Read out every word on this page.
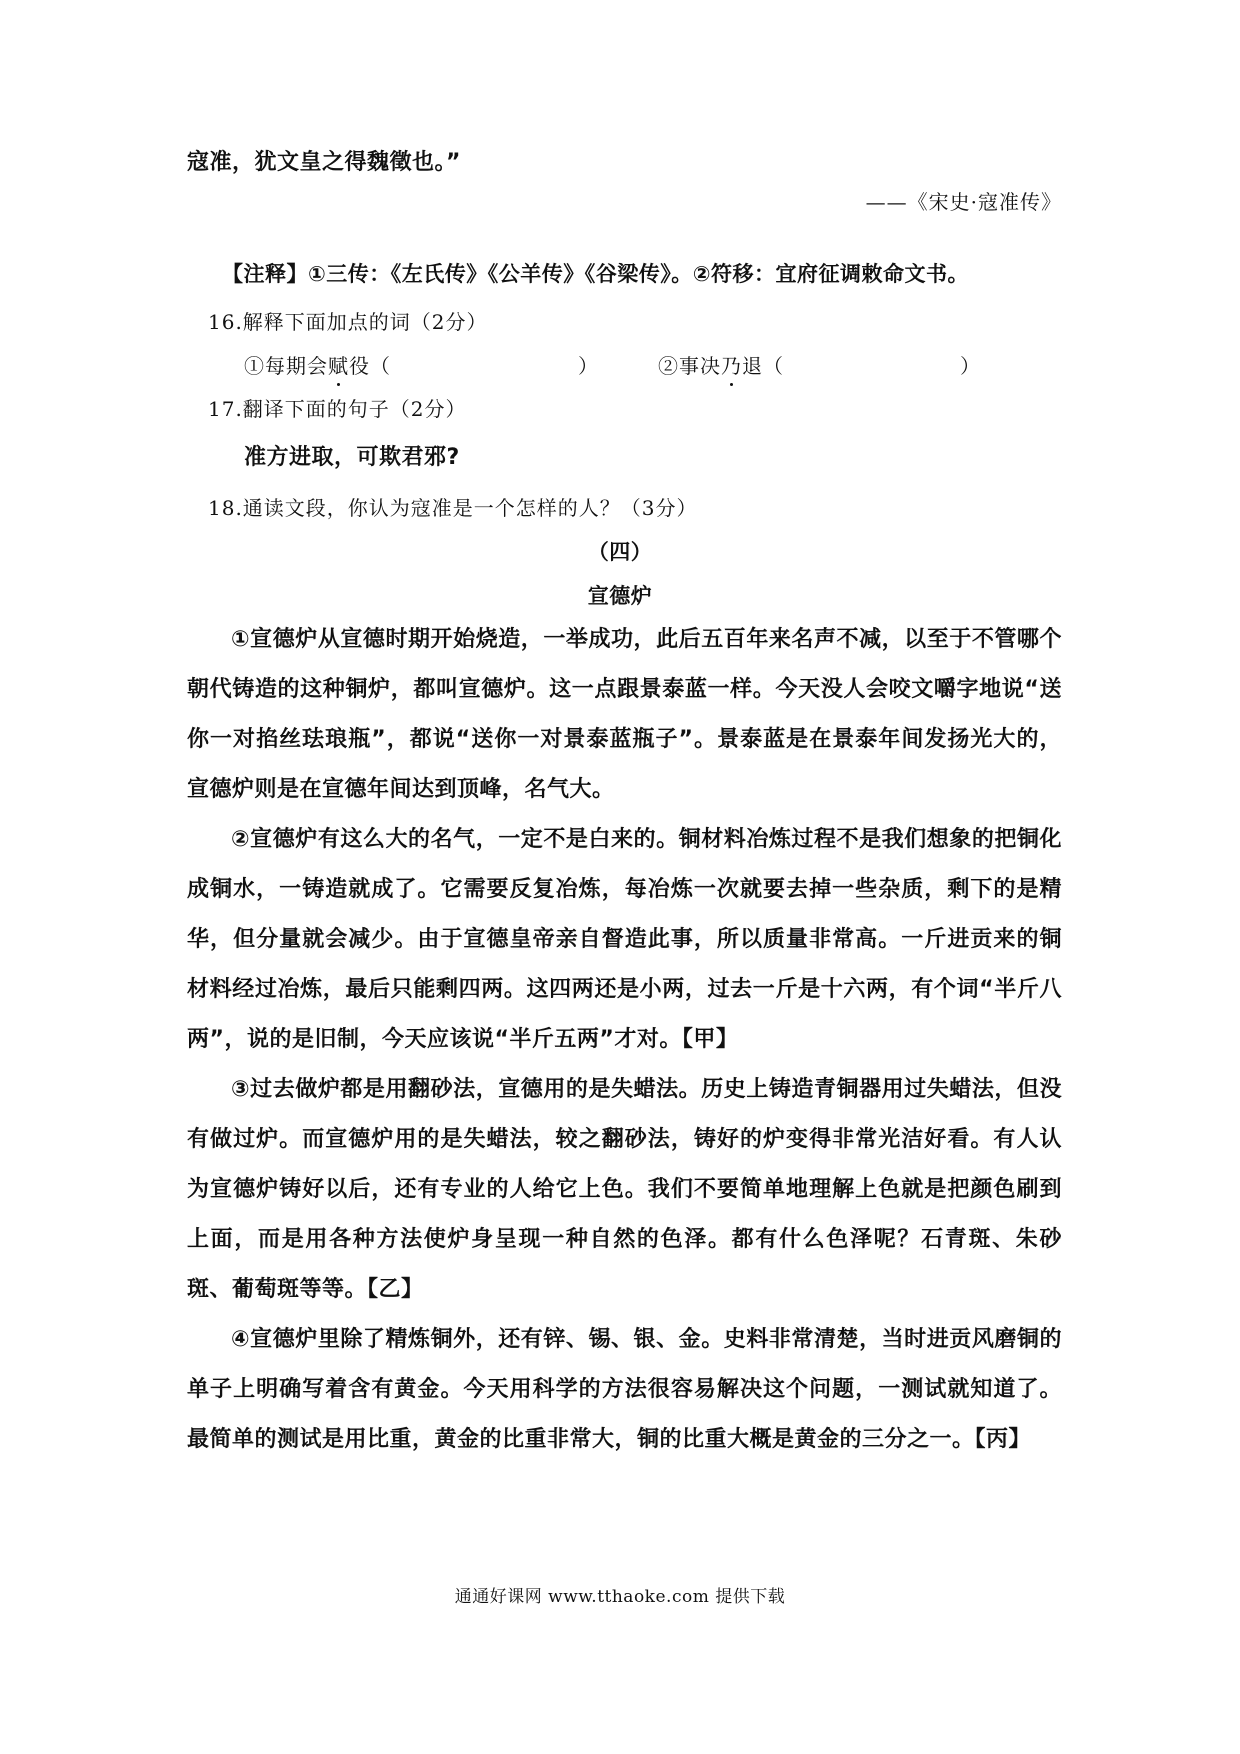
寇准，犹文皇之得魏徵也。”
——《宋史·寇准传》
【注释】①三传：《左氏传》《公羊传》《谷梁传》。②符移：宜府征调敕命文书。
16.解释下面加点的词（2分）
①每期会赋役（	）	②事决乃退（	）
17.翻译下面的句子（2分）
准方进取，可欺君邪?
18.通读文段，你认为寇准是一个怎样的人？（3分）
（四）
宣德炉

①宣德炉从宣德时期开始烧造，一举成功，此后五百年来名声不减，以至于不管哪个朝代铸造的这种铜炉，都叫宣德炉。这一点跟景泰蓝一样。今天没人会咬文嚼字地说“送你一对掐丝珐琅瓶”，都说“送你一对景泰蓝瓶子”。景泰蓝是在景泰年间发扬光大的，宣德炉则是在宣德年间达到顶峰，名气大。

②宣德炉有这么大的名气，一定不是白来的。铜材料冶炼过程不是我们想象的把铜化成铜水，一铸造就成了。它需要反复冶炼，每冶炼一次就要去掉一些杂质，剩下的是精华，但分量就会减少。由于宣德皇帝亲自督造此事，所以质量非常高。一斤进贡来的铜材料经过冶炼，最后只能剩四两。这四两还是小两，过去一斤是十六两，有个词“半斤八两”，说的是旧制，今天应该说“半斤五两”才对。【甲】

③过去做炉都是用翻砂法，宣德用的是失蜡法。历史上铸造青铜器用过失蜡法，但没有做过炉。而宣德炉用的是失蜡法，较之翻砂法，铸好的炉变得非常光洁好看。有人认为宣德炉铸好以后，还有专业的人给它上色。我们不要简单地理解上色就是把颜色刷到上面，而是用各种方法使炉身呈现一种自然的色泽。都有什么色泽呢？石青斑、朱砂斑、葡萄斑等等。【乙】

④宣德炉里除了精炼铜外，还有锌、锡、银、金。史料非常清楚，当时进贡风磨铜的单子上明确写着含有黄金。今天用科学的方法很容易解决这个问题，一测试就知道了。最简单的测试是用比重，黄金的比重非常大，铜的比重大概是黄金的三分之一。【丙】

通通好课网 www.tthaoke.com 提供下载
